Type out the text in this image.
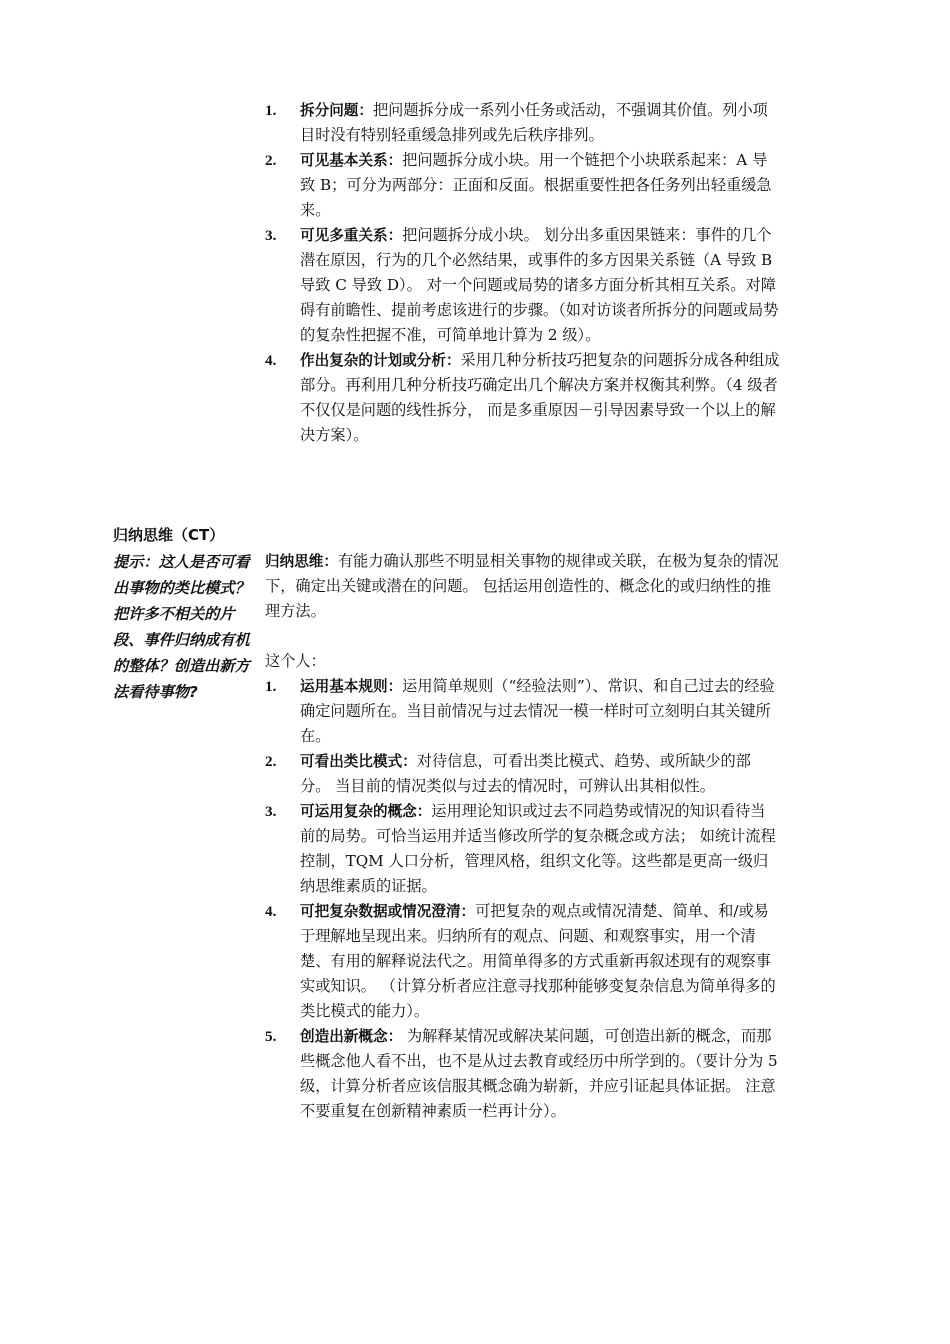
1. 拆分问题：把问题拆分成一系列小任务或活动，不强调其价值。列小项目时没有特别轻重缓急排列或先后秩序排列。
2. 可见基本关系：把问题拆分成小块。用一个链把个小块联系起来：A 导致 B；可分为两部分：正面和反面。根据重要性把各任务列出轻重缓急来。
3. 可见多重关系：把问题拆分成小块。 划分出多重因果链来：事件的几个潜在原因，行为的几个必然结果，或事件的多方因果关系链（A 导致 B 导致 C 导致 D）。 对一个问题或局势的诸多方面分析其相互关系。对障碍有前瞻性、提前考虑该进行的步骤。（如对访谈者所拆分的问题或局势的复杂性把握不准，可简单地计算为 2 级）。
4. 作出复杂的计划或分析：采用几种分析技巧把复杂的问题拆分成各种组成部分。再利用几种分析技巧确定出几个解决方案并权衡其利弊。（4 级者不仅仅是问题的线性拆分， 而是多重原因－引导因素导致一个以上的解决方案）。
归纳思维（CT）

提示：这人是否可看出事物的类比模式？把许多不相关的片段、事件归纳成有机的整体？创造出新方法看待事物?

归纳思维：有能力确认那些不明显相关事物的规律或关联，在极为复杂的情况下，确定出关键或潜在的问题。 包括运用创造性的、概念化的或归纳性的推理方法。

这个人：

1. 运用基本规则：运用简单规则（“经验法则”）、常识、和自己过去的经验确定问题所在。当目前情况与过去情况一模一样时可立刻明白其关键所在。
2. 可看出类比模式：对待信息，可看出类比模式、趋势、或所缺少的部分。 当目前的情况类似与过去的情况时，可辨认出其相似性。
3. 可运用复杂的概念：运用理论知识或过去不同趋势或情况的知识看待当前的局势。可恰当运用并适当修改所学的复杂概念或方法； 如统计流程控制，TQM 人口分析，管理风格，组织文化等。这些都是更高一级归纳思维素质的证据。
4. 可把复杂数据或情况澄清：可把复杂的观点或情况清楚、简单、和/或易于理解地呈现出来。归纳所有的观点、问题、和观察事实，用一个清楚、有用的解释说法代之。用简单得多的方式重新再叙述现有的观察事实或知识。 （计算分析者应注意寻找那种能够变复杂信息为简单得多的类比模式的能力）。
5. 创造出新概念： 为解释某情况或解决某问题，可创造出新的概念，而那些概念他人看不出，也不是从过去教育或经历中所学到的。（要计分为 5 级，计算分析者应该信服其概念确为崭新，并应引证起具体证据。 注意不要重复在创新精神素质一栏再计分）。
